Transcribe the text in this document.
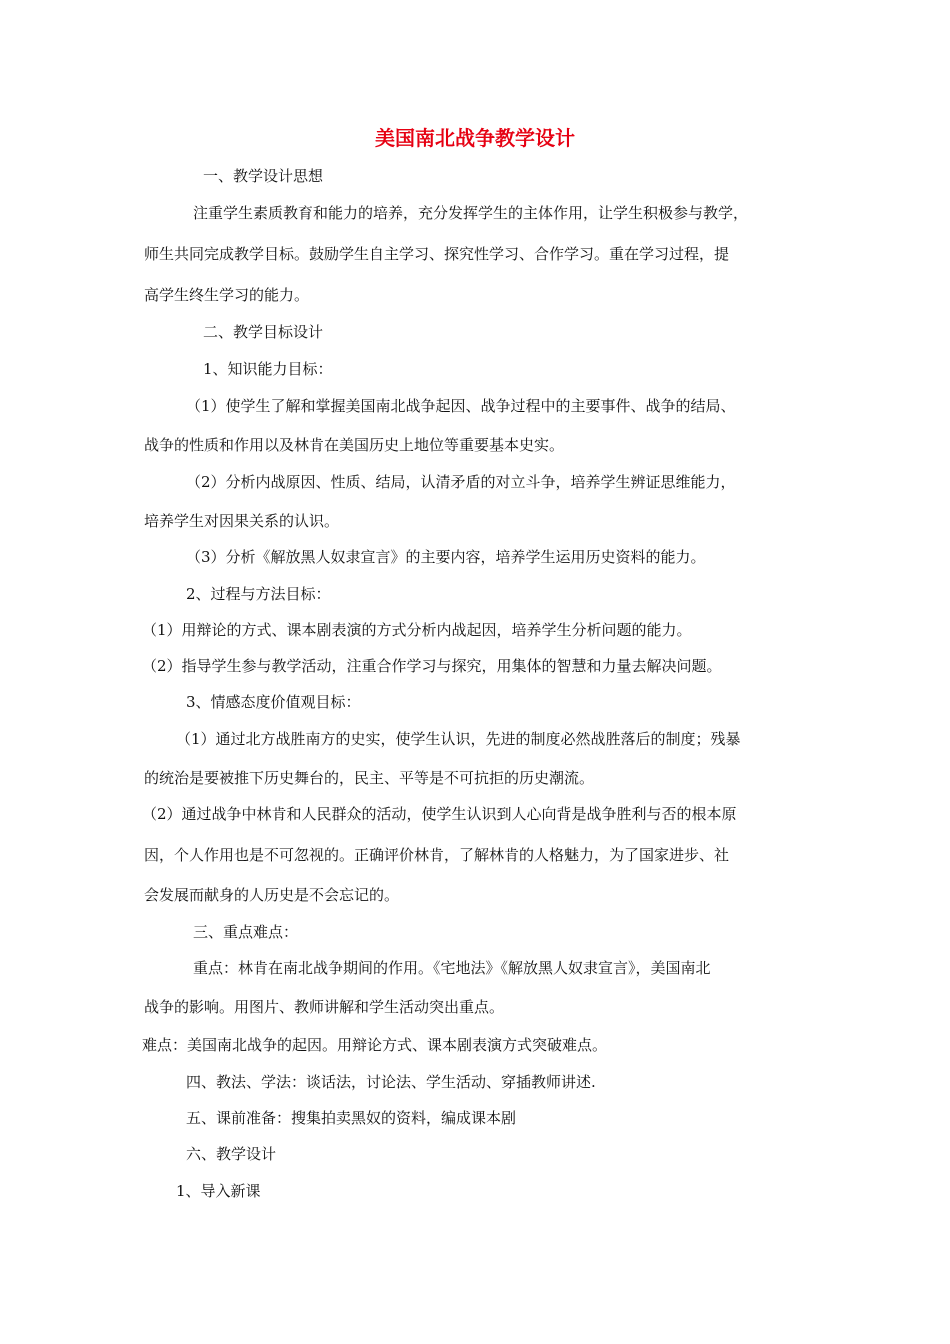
美国南北战争教学设计
一、教学设计思想
注重学生素质教育和能力的培养，充分发挥学生的主体作用，让学生积极参与教学，
师生共同完成教学目标。鼓励学生自主学习、探究性学习、合作学习。重在学习过程，提
高学生终生学习的能力。
二、教学目标设计
1、知识能力目标：
（1）使学生了解和掌握美国南北战争起因、战争过程中的主要事件、战争的结局、
战争的性质和作用以及林肯在美国历史上地位等重要基本史实。
（2）分析内战原因、性质、结局，认清矛盾的对立斗争，培养学生辨证思维能力，
培养学生对因果关系的认识。
（3）分析《解放黑人奴隶宣言》的主要内容，培养学生运用历史资料的能力。
2、过程与方法目标：
（1）用辩论的方式、课本剧表演的方式分析内战起因，培养学生分析问题的能力。
（2）指导学生参与教学活动，注重合作学习与探究，用集体的智慧和力量去解决问题。
3、情感态度价值观目标：
（1）通过北方战胜南方的史实，使学生认识，先进的制度必然战胜落后的制度；残暴
的统治是要被推下历史舞台的，民主、平等是不可抗拒的历史潮流。
（2）通过战争中林肯和人民群众的活动，使学生认识到人心向背是战争胜利与否的根本原
因，个人作用也是不可忽视的。正确评价林肯，了解林肯的人格魅力，为了国家进步、社
会发展而献身的人历史是不会忘记的。
三、重点难点：
重点：林肯在南北战争期间的作用。《宅地法》《解放黑人奴隶宣言》，美国南北
战争的影响。用图片、教师讲解和学生活动突出重点。
难点：美国南北战争的起因。用辩论方式、课本剧表演方式突破难点。
四、教法、学法：谈话法，讨论法、学生活动、穿插教师讲述.
五、课前准备：搜集拍卖黑奴的资料，编成课本剧
六、教学设计
1、导入新课
